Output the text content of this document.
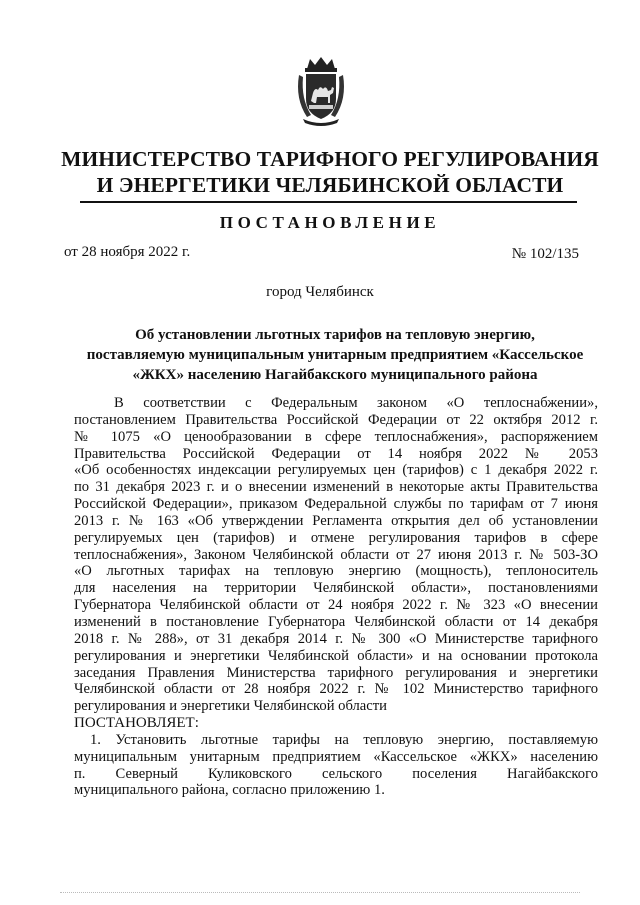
МИНИСТЕРСТВО ТАРИФНОГО РЕГУЛИРОВАНИЯ
И ЭНЕРГЕТИКИ ЧЕЛЯБИНСКОЙ ОБЛАСТИ
ПОСТАНОВЛЕНИЕ
от 28 ноября 2022 г.	№ 102/135
город Челябинск
Об установлении льготных тарифов на тепловую энергию,
поставляемую муниципальным унитарным предприятием «Кассельское
«ЖКХ» населению Нагайбакского муниципального района
В соответствии с Федеральным законом «О теплоснабжении»,
постановлением Правительства Российской Федерации от 22 октября 2012 г.
№ 1075 «О ценообразовании в сфере теплоснабжения», распоряжением
Правительства Российской Федерации от 14 ноября 2022 № 2053
«Об особенностях индексации регулируемых цен (тарифов) с 1 декабря 2022 г.
по 31 декабря 2023 г. и о внесении изменений в некоторые акты Правительства
Российской Федерации», приказом Федеральной службы по тарифам от 7 июня
2013 г. № 163 «Об утверждении Регламента открытия дел об установлении
регулируемых цен (тарифов) и отмене регулирования тарифов в сфере
теплоснабжения», Законом Челябинской области от 27 июня 2013 г. № 503-ЗО
«О льготных тарифах на тепловую энергию (мощность), теплоноситель
для населения на территории Челябинской области», постановлениями
Губернатора Челябинской области от 24 ноября 2022 г. № 323 «О внесении
изменений в постановление Губернатора Челябинской области от 14 декабря
2018 г. № 288», от 31 декабря 2014 г. № 300 «О Министерстве тарифного
регулирования и энергетики Челябинской области» и на основании протокола
заседания Правления Министерства тарифного регулирования и энергетики
Челябинской области от 28 ноября 2022 г. № 102 Министерство тарифного
регулирования и энергетики Челябинской области
ПОСТАНОВЛЯЕТ:
1. Установить льготные тарифы на тепловую энергию, поставляемую
муниципальным унитарным предприятием «Кассельское «ЖКХ» населению
п. Северный Куликовского сельского поселения Нагайбакского
муниципального района, согласно приложению 1.
